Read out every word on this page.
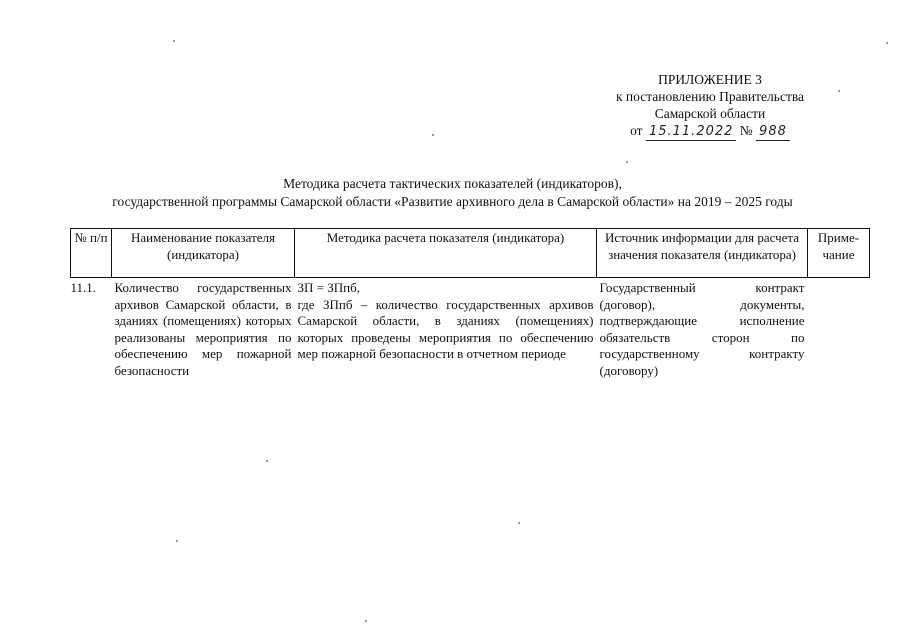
ПРИЛОЖЕНИЕ 3
к постановлению Правительства
Самарской области
от 15.11.2022 № 988
Методика расчета тактических показателей (индикаторов),
государственной программы Самарской области «Развитие архивного дела в Самарской области» на 2019 – 2025 годы
№ п/п	Наименование показателя (индикатора)	Методика расчета показателя (индикатора)	Источник информации для расчета значения показателя (индикатора)	Приме-чание
11.1.	Количество государственных архивов Самарской области, в зданиях (помещениях) которых реализованы мероприятия по обеспечению мер пожарной безопасности	ЗП = ЗПпб,
где ЗПпб – количество государственных архивов Самарской области, в зданиях (помещениях) которых проведены мероприятия по обеспечению мер пожарной безопасности в отчетном периоде	Государственный контракт (договор), документы, подтверждающие исполнение обязательств сторон по государственному контракту (договору)	
